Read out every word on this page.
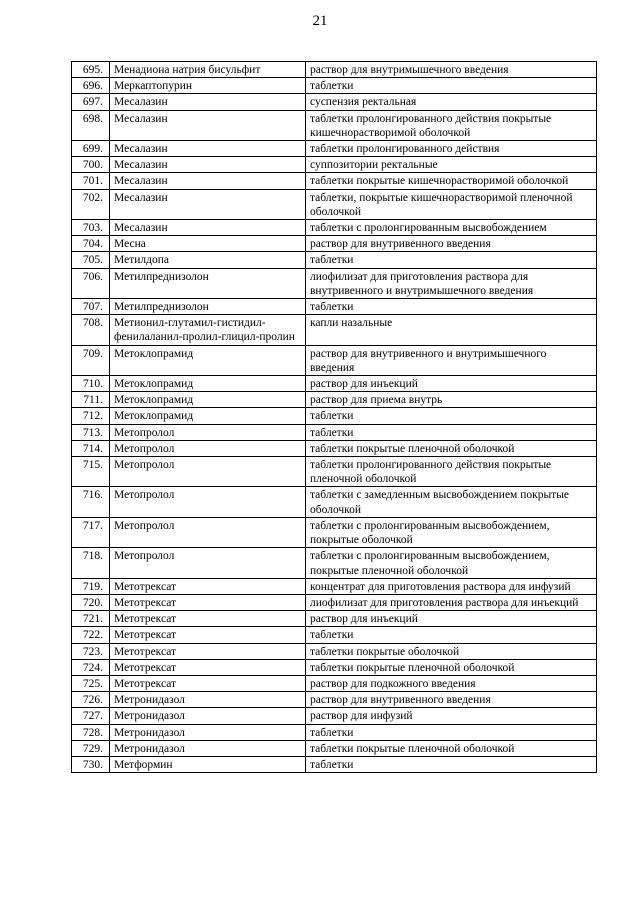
21
695.	Менадиона натрия бисульфит	раствор для внутримышечного введения
696.	Меркаптопурин	таблетки
697.	Месалазин	суспензия ректальная
698.	Месалазин	таблетки пролонгированного действия покрытые кишечнорастворимой оболочкой
699.	Месалазин	таблетки пролонгированного действия
700.	Месалазин	суппозитории ректальные
701.	Месалазин	таблетки покрытые кишечнорастворимой оболочкой
702.	Месалазин	таблетки, покрытые кишечнорастворимой пленочной оболочкой
703.	Месалазин	таблетки с пролонгированным высвобождением
704.	Месна	раствор для внутривенного введения
705.	Метилдопа	таблетки
706.	Метилпреднизолон	лиофилизат для приготовления раствора для внутривенного и внутримышечного введения
707.	Метилпреднизолон	таблетки
708.	Метионил-глутамил-гистидил-фенилаланил-пролил-глицил-пролин	капли назальные
709.	Метоклопрамид	раствор для внутривенного и внутримышечного введения
710.	Метоклопрамид	раствор для инъекций
711.	Метоклопрамид	раствор для приема внутрь
712.	Метоклопрамид	таблетки
713.	Метопролол	таблетки
714.	Метопролол	таблетки покрытые пленочной оболочкой
715.	Метопролол	таблетки пролонгированного действия покрытые пленочной оболочкой
716.	Метопролол	таблетки с замедленным высвобождением покрытые оболочкой
717.	Метопролол	таблетки с пролонгированным высвобождением, покрытые оболочкой
718.	Метопролол	таблетки с пролонгированным высвобождением, покрытые пленочной оболочкой
719.	Метотрексат	концентрат для приготовления раствора для инфузий
720.	Метотрексат	лиофилизат для приготовления раствора для инъекций
721.	Метотрексат	раствор для инъекций
722.	Метотрексат	таблетки
723.	Метотрексат	таблетки покрытые оболочкой
724.	Метотрексат	таблетки покрытые пленочной оболочкой
725.	Метотрексат	раствор для подкожного введения
726.	Метронидазол	раствор для внутривенного введения
727.	Метронидазол	раствор для инфузий
728.	Метронидазол	таблетки
729.	Метронидазол	таблетки покрытые пленочной оболочкой
730.	Метформин	таблетки
